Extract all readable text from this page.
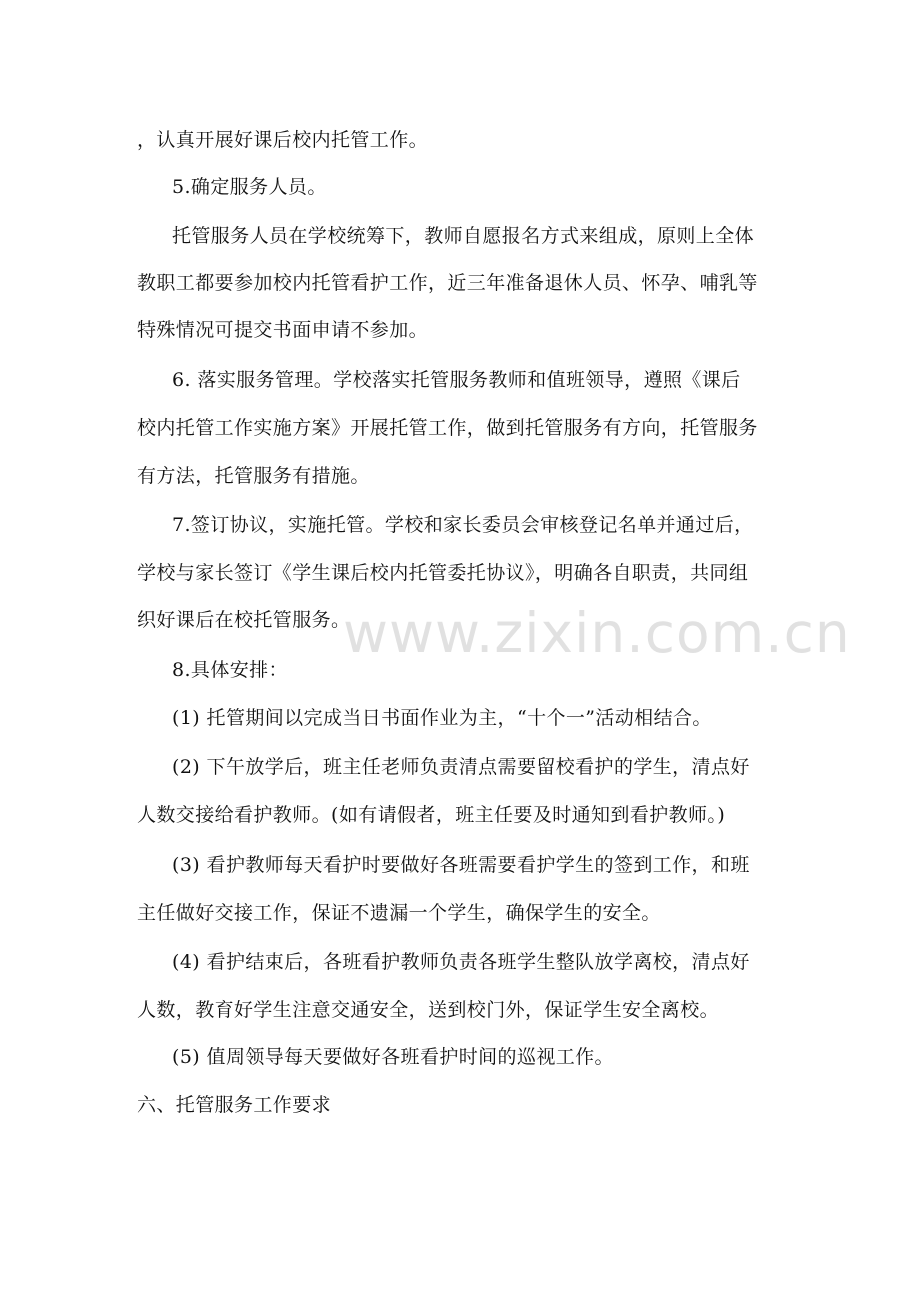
，认真开展好课后校内托管工作。
5.确定服务人员。
托管服务人员在学校统筹下，教师自愿报名方式来组成，原则上全体
教职工都要参加校内托管看护工作，近三年准备退休人员、怀孕、哺乳等
特殊情况可提交书面申请不参加。
6. 落实服务管理。学校落实托管服务教师和值班领导，遵照《课后
校内托管工作实施方案》开展托管工作，做到托管服务有方向，托管服务
有方法，托管服务有措施。
7.签订协议，实施托管。学校和家长委员会审核登记名单并通过后，
学校与家长签订《学生课后校内托管委托协议》，明确各自职责，共同组
织好课后在校托管服务。
8.具体安排：
(1) 托管期间以完成当日书面作业为主，“十个一”活动相结合。
(2) 下午放学后，班主任老师负责清点需要留校看护的学生，清点好
人数交接给看护教师。(如有请假者，班主任要及时通知到看护教师。)
(3) 看护教师每天看护时要做好各班需要看护学生的签到工作，和班
主任做好交接工作，保证不遗漏一个学生，确保学生的安全。
(4) 看护结束后，各班看护教师负责各班学生整队放学离校，清点好
人数，教育好学生注意交通安全，送到校门外，保证学生安全离校。
(5) 值周领导每天要做好各班看护时间的巡视工作。
六、托管服务工作要求
www.zixin.com.cn
